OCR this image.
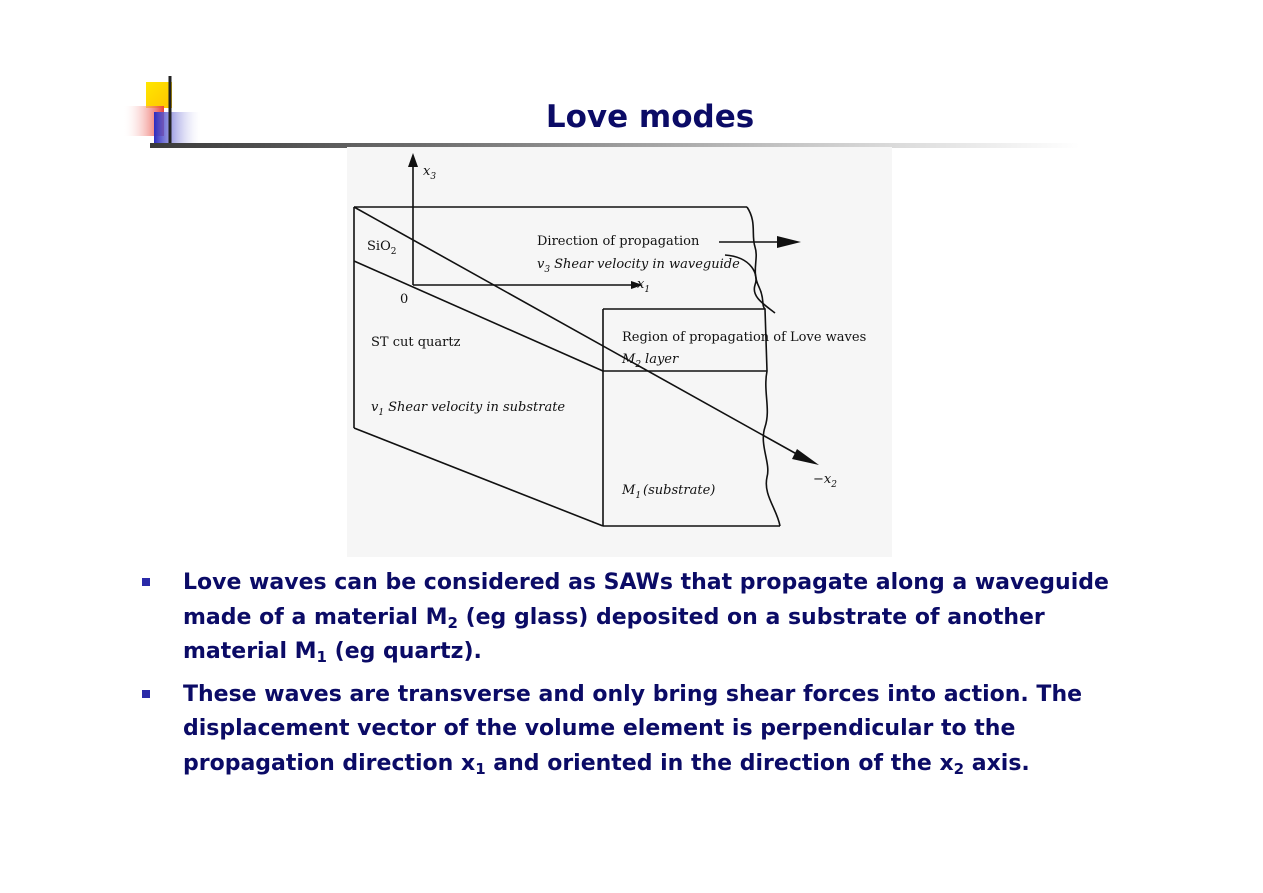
Love modes
$x_3$
SiO$_2$
0
Direction of propagation
$v_3$ Shear velocity in waveguide
$x_1$
ST cut quartz	Region of propagation of Love waves
$M_2$ layer
$v_1$ Shear velocity in substrate
$-x_2$
$M_1$ (substrate)
Love waves can be considered as SAWs that propagate along a waveguide made of a material $M_2$ (eg glass) deposited on a substrate of another material $M_1$ (eg quartz).
These waves are transverse and only bring shear forces into action. The displacement vector of the volume element is perpendicular to the propagation direction $x_1$ and oriented in the direction of the $x_2$ axis.
